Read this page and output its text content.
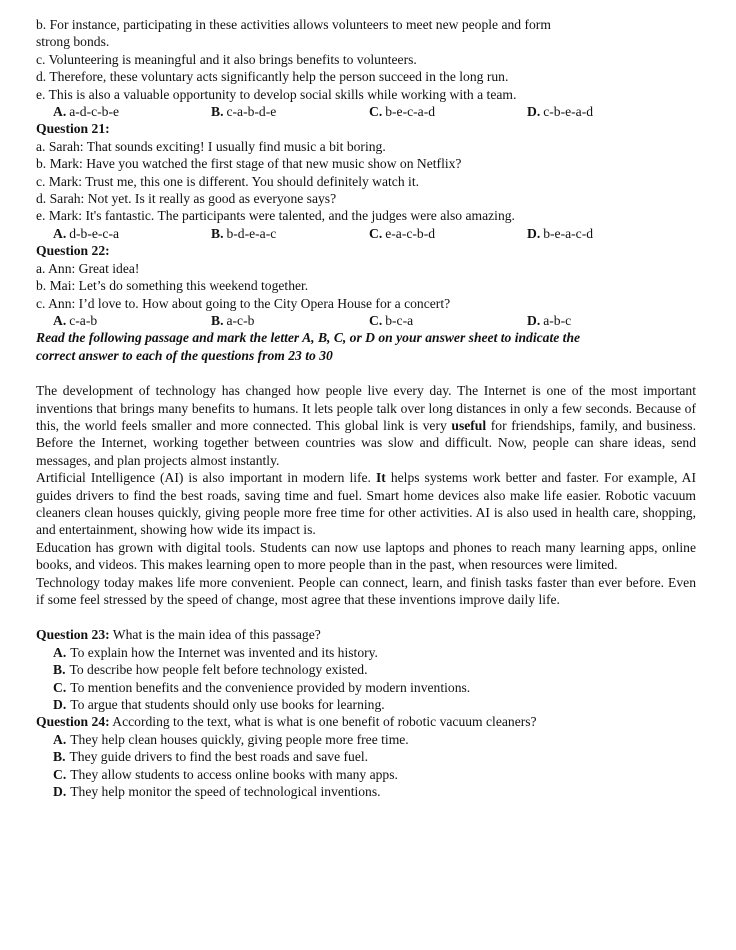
b. For instance, participating in these activities allows volunteers to meet new people and form
strong bonds.
c. Volunteering is meaningful and it also brings benefits to volunteers.
d. Therefore, these voluntary acts significantly help the person succeed in the long run.
e. This is also a valuable opportunity to develop social skills while working with a team.
A. a-d-c-b-e	B. c-a-b-d-e	C. b-e-c-a-d	D. c-b-e-a-d
Question 21:
a. Sarah: That sounds exciting! I usually find music a bit boring.
b. Mark: Have you watched the first stage of that new music show on Netflix?
c. Mark: Trust me, this one is different. You should definitely watch it.
d. Sarah: Not yet. Is it really as good as everyone says?
e. Mark: It's fantastic. The participants were talented, and the judges were also amazing.
A. d-b-e-c-a	B. b-d-e-a-c	C. e-a-c-b-d	D. b-e-a-c-d
Question 22:
a. Ann: Great idea!
b. Mai: Let’s do something this weekend together.
c. Ann: I’d love to. How about going to the City Opera House for a concert?
A. c-a-b	B. a-c-b	C. b-c-a	D. a-b-c
Read the following passage and mark the letter A, B, C, or D on your answer sheet to indicate the
correct answer to each of the questions from 23 to 30
The development of technology has changed how people live every day. The Internet is one of the most important inventions that brings many benefits to humans. It lets people talk over long distances in only a few seconds. Because of this, the world feels smaller and more connected. This global link is very useful for friendships, family, and business. Before the Internet, working together between countries was slow and difficult. Now, people can share ideas, send messages, and plan projects almost instantly.
Artificial Intelligence (AI) is also important in modern life. It helps systems work better and faster. For example, AI guides drivers to find the best roads, saving time and fuel. Smart home devices also make life easier. Robotic vacuum cleaners clean houses quickly, giving people more free time for other activities. AI is also used in health care, shopping, and entertainment, showing how wide its impact is.
Education has grown with digital tools. Students can now use laptops and phones to reach many learning apps, online books, and videos. This makes learning open to more people than in the past, when resources were limited.
Technology today makes life more convenient. People can connect, learn, and finish tasks faster than ever before. Even if some feel stressed by the speed of change, most agree that these inventions improve daily life.
Question 23: What is the main idea of this passage?
A. To explain how the Internet was invented and its history.
B. To describe how people felt before technology existed.
C. To mention benefits and the convenience provided by modern inventions.
D. To argue that students should only use books for learning.
Question 24: According to the text, what is what is one benefit of robotic vacuum cleaners?
A. They help clean houses quickly, giving people more free time.
B. They guide drivers to find the best roads and save fuel.
C. They allow students to access online books with many apps.
D. They help monitor the speed of technological inventions.
